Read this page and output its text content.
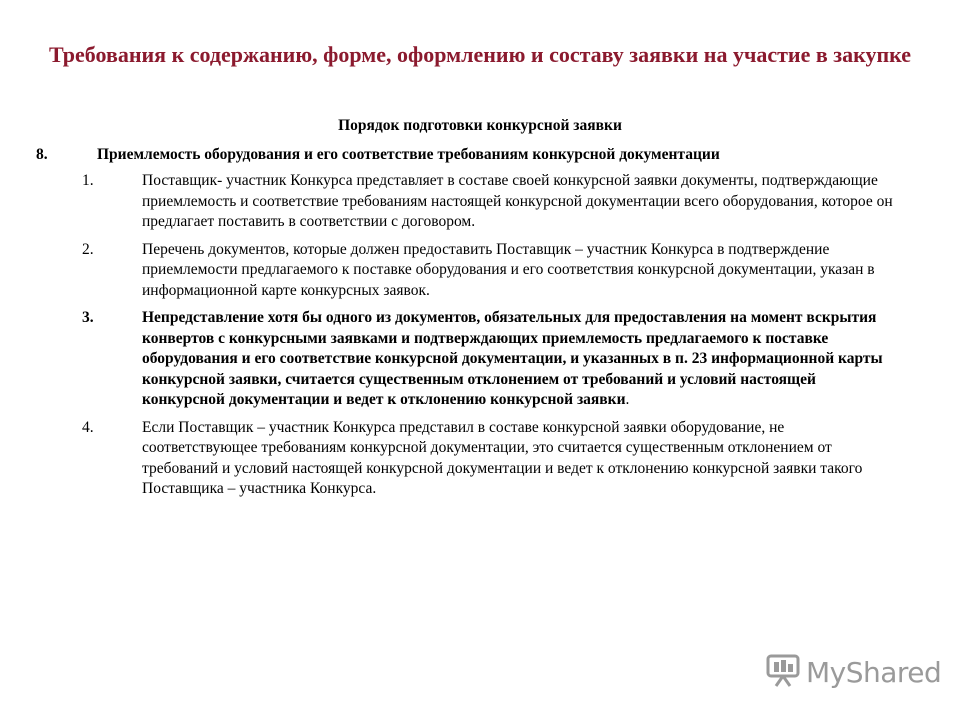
Требования к содержанию, форме, оформлению и составу заявки на участие в закупке
Порядок подготовки конкурсной заявки
8.	Приемлемость оборудования и его соответствие требованиям конкурсной документации
1.	Поставщик- участник Конкурса представляет в составе своей конкурсной заявки документы, подтверждающие приемлемость и соответствие требованиям настоящей конкурсной документации всего оборудования, которое он предлагает поставить в соответствии с договором.
2.	Перечень документов, которые должен предоставить Поставщик – участник Конкурса в подтверждение приемлемости предлагаемого к поставке оборудования и его соответствия конкурсной документации, указан в информационной карте конкурсных заявок.
3.	Непредставление хотя бы одного из документов, обязательных для предоставления на момент вскрытия конвертов с конкурсными заявками и подтверждающих приемлемость предлагаемого к поставке оборудования и его соответствие конкурсной документации, и указанных в п. 23 информационной карты конкурсной заявки, считается существенным отклонением от требований и условий настоящей конкурсной документации и ведет к отклонению конкурсной заявки.
4.	Если Поставщик – участник Конкурса представил в составе конкурсной заявки оборудование, не соответствующее требованиям конкурсной документации, это считается существенным отклонением от требований и условий настоящей конкурсной документации и ведет к отклонению конкурсной заявки такого Поставщика – участника Конкурса.
MyShared
